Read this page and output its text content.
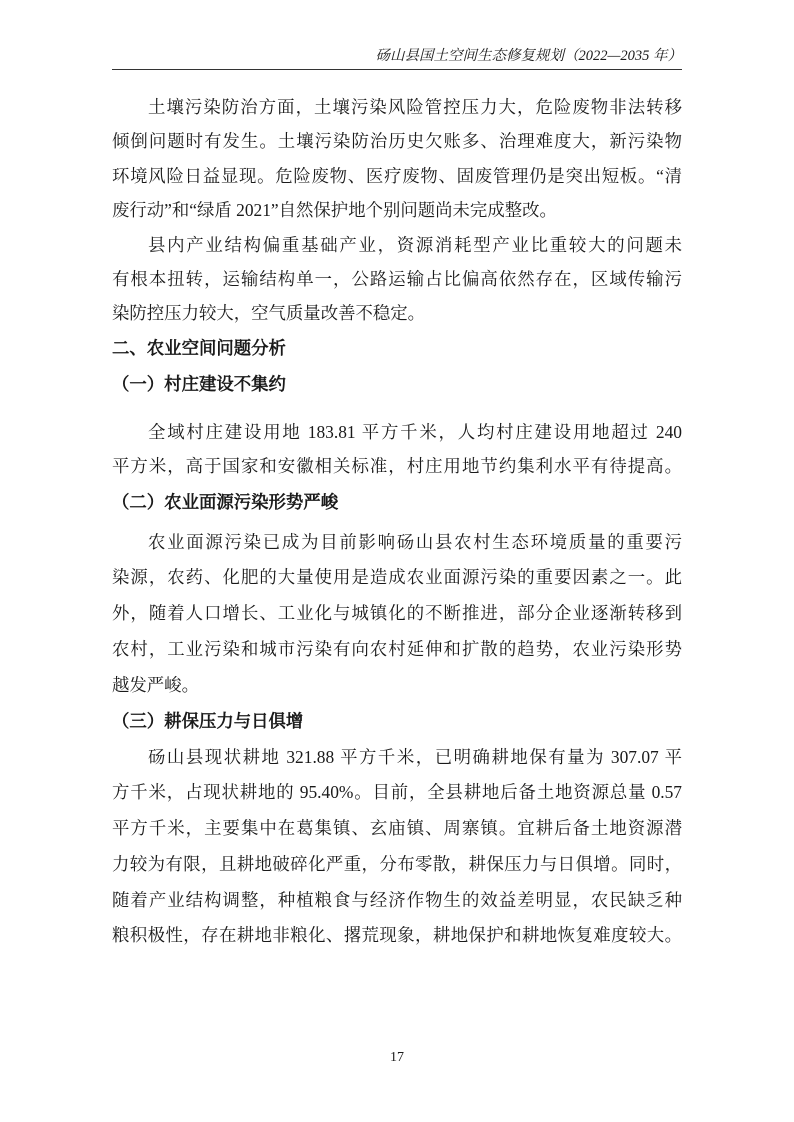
砀山县国土空间生态修复规划（2022—2035 年）
土壤污染防治方面，土壤污染风险管控压力大，危险废物非法转移
倾倒问题时有发生。土壤污染防治历史欠账多、治理难度大，新污染物
环境风险日益显现。危险废物、医疗废物、固废管理仍是突出短板。“清
废行动”和“绿盾 2021”自然保护地个别问题尚未完成整改。
县内产业结构偏重基础产业，资源消耗型产业比重较大的问题未
有根本扭转，运输结构单一，公路运输占比偏高依然存在，区域传输污
染防控压力较大，空气质量改善不稳定。
二、农业空间问题分析
（一）村庄建设不集约
全域村庄建设用地 183.81 平方千米，人均村庄建设用地超过 240
平方米，高于国家和安徽相关标准，村庄用地节约集利水平有待提高。
（二）农业面源污染形势严峻
农业面源污染已成为目前影响砀山县农村生态环境质量的重要污
染源，农药、化肥的大量使用是造成农业面源污染的重要因素之一。此
外，随着人口增长、工业化与城镇化的不断推进，部分企业逐渐转移到
农村，工业污染和城市污染有向农村延伸和扩散的趋势，农业污染形势
越发严峻。
（三）耕保压力与日俱增
砀山县现状耕地 321.88 平方千米，已明确耕地保有量为 307.07 平
方千米，占现状耕地的 95.40%。目前，全县耕地后备土地资源总量 0.57
平方千米，主要集中在葛集镇、玄庙镇、周寨镇。宜耕后备土地资源潜
力较为有限，且耕地破碎化严重，分布零散，耕保压力与日俱增。同时，
随着产业结构调整，种植粮食与经济作物生的效益差明显，农民缺乏种
粮积极性，存在耕地非粮化、撂荒现象，耕地保护和耕地恢复难度较大。
17
